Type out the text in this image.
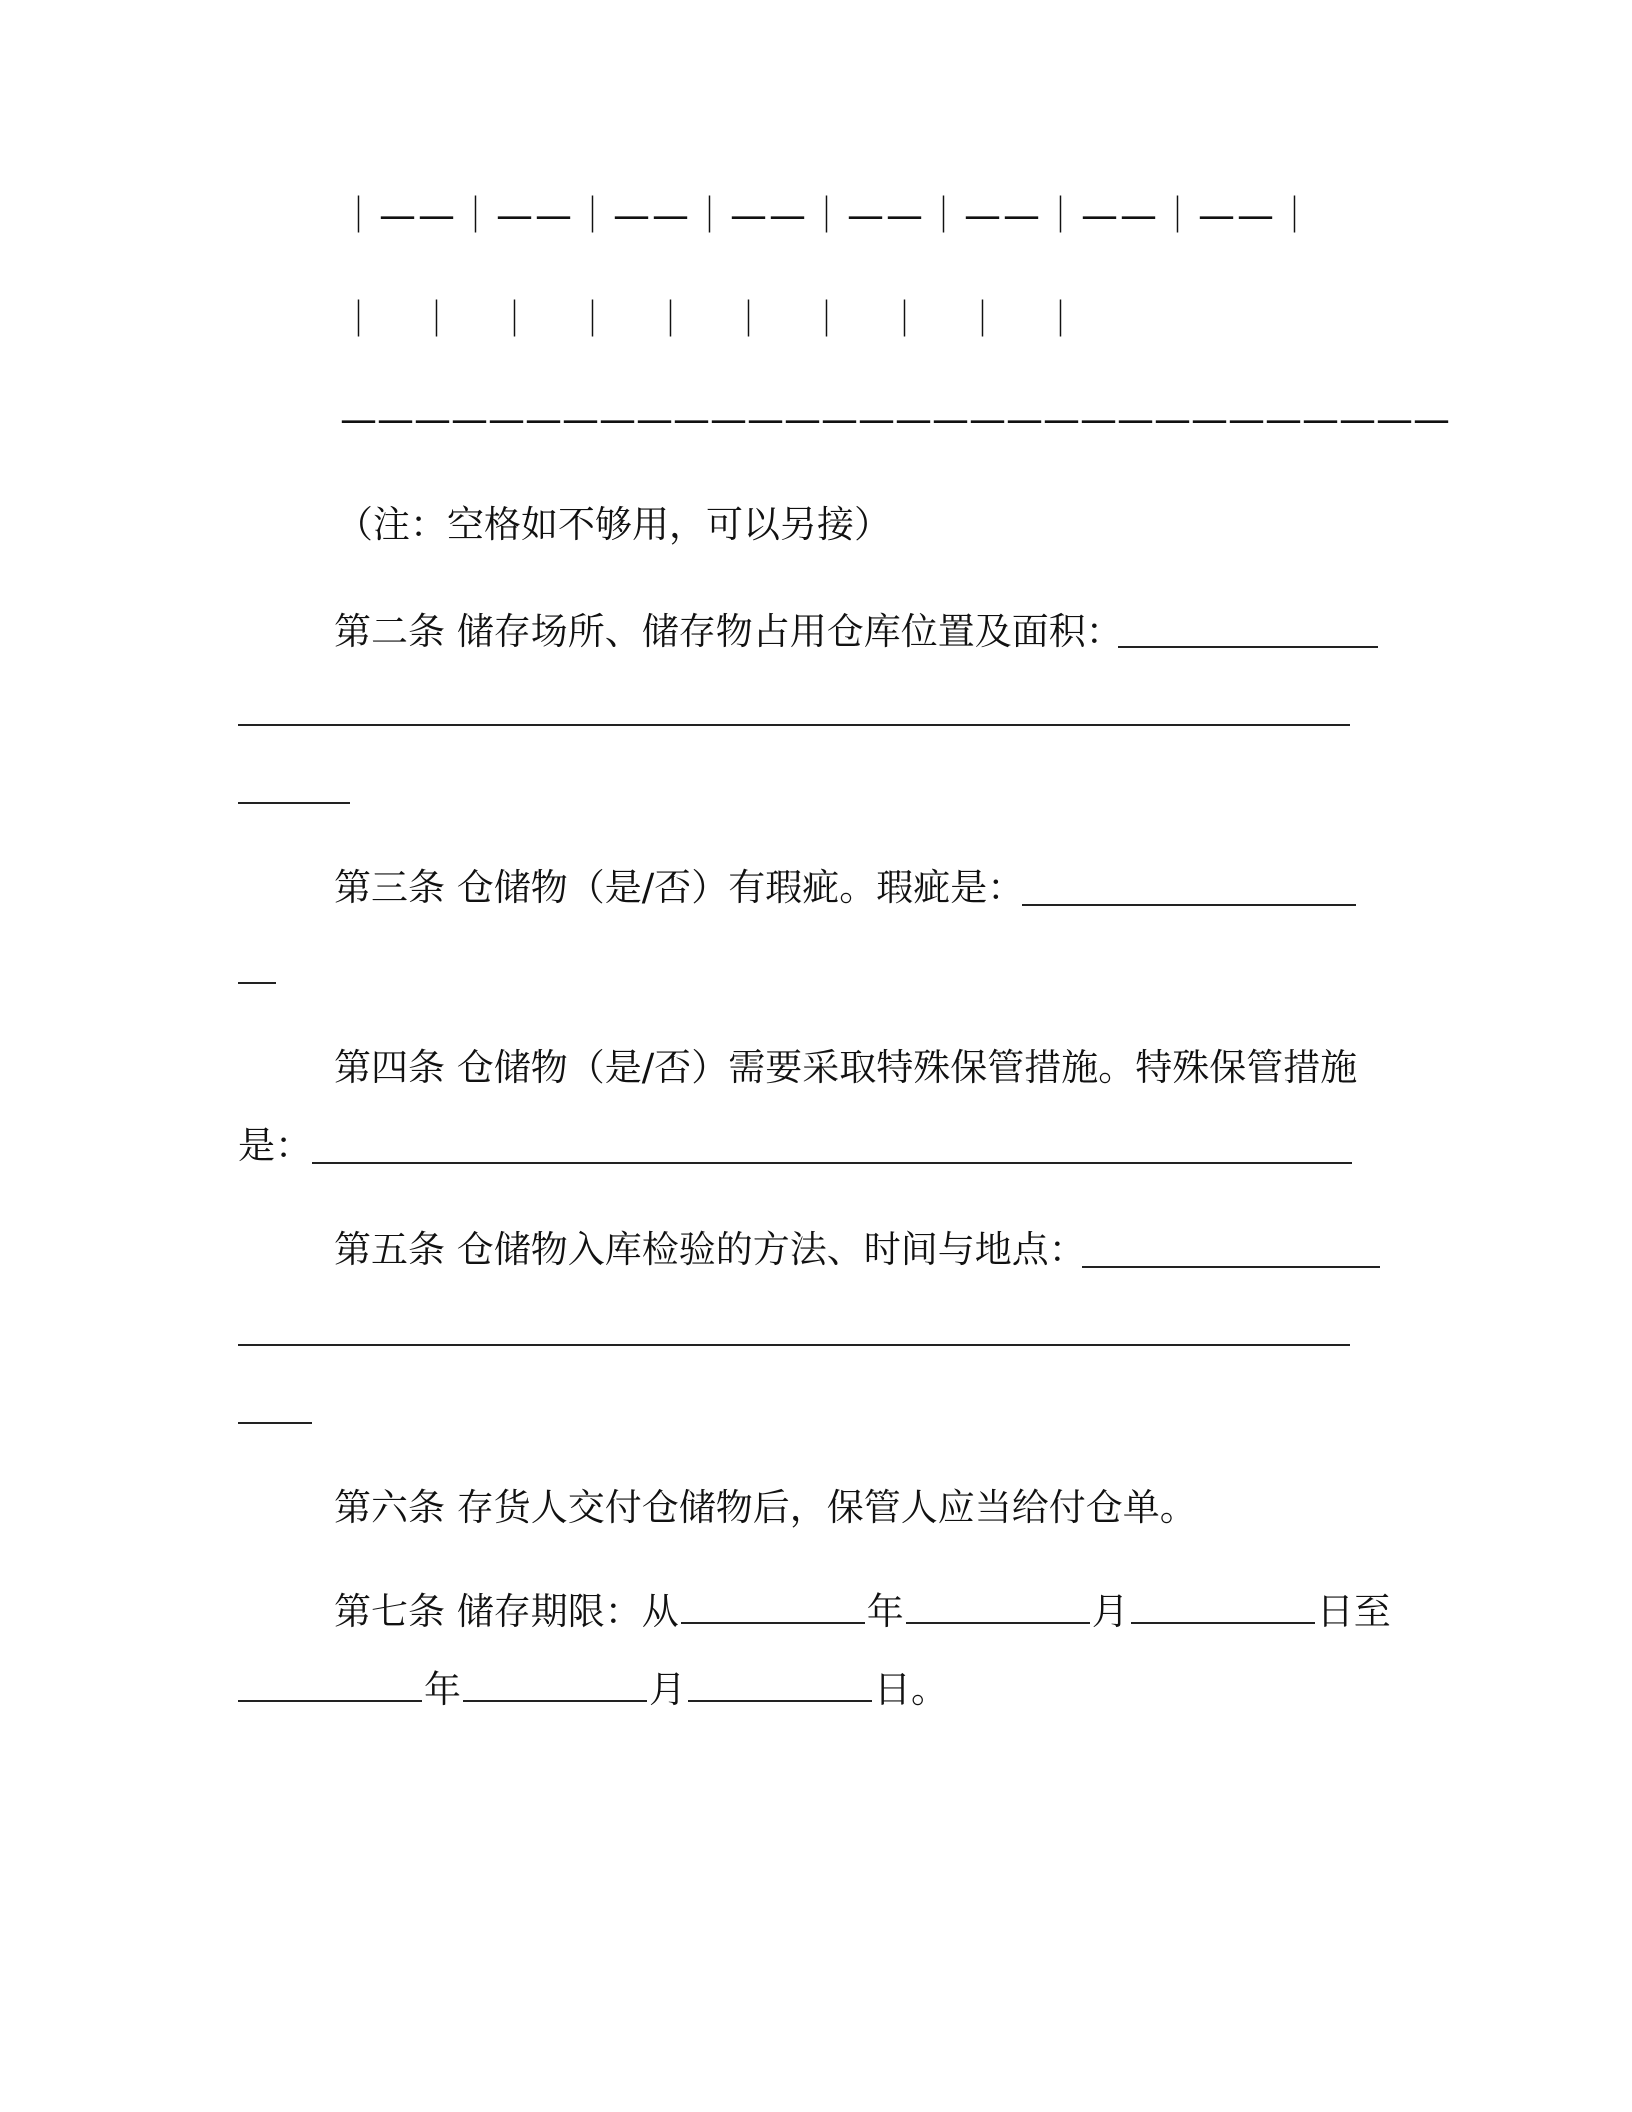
｜——｜——｜——｜——｜——｜——｜——｜——｜
｜　｜　｜　｜　｜　｜　｜　｜　｜　｜
——————————————————————————————
（注：空格如不够用，可以另接）
第二条 储存场所、储存物占用仓库位置及面积：
第三条 仓储物（是/否）有瑕疵。瑕疵是：
第四条 仓储物（是/否）需要采取特殊保管措施。特殊保管措施
是：
第五条 仓储物入库检验的方法、时间与地点：
第六条 存货人交付仓储物后，保管人应当给付仓单。
第七条 储存期限：从	年	月	日至
年	月	日。
